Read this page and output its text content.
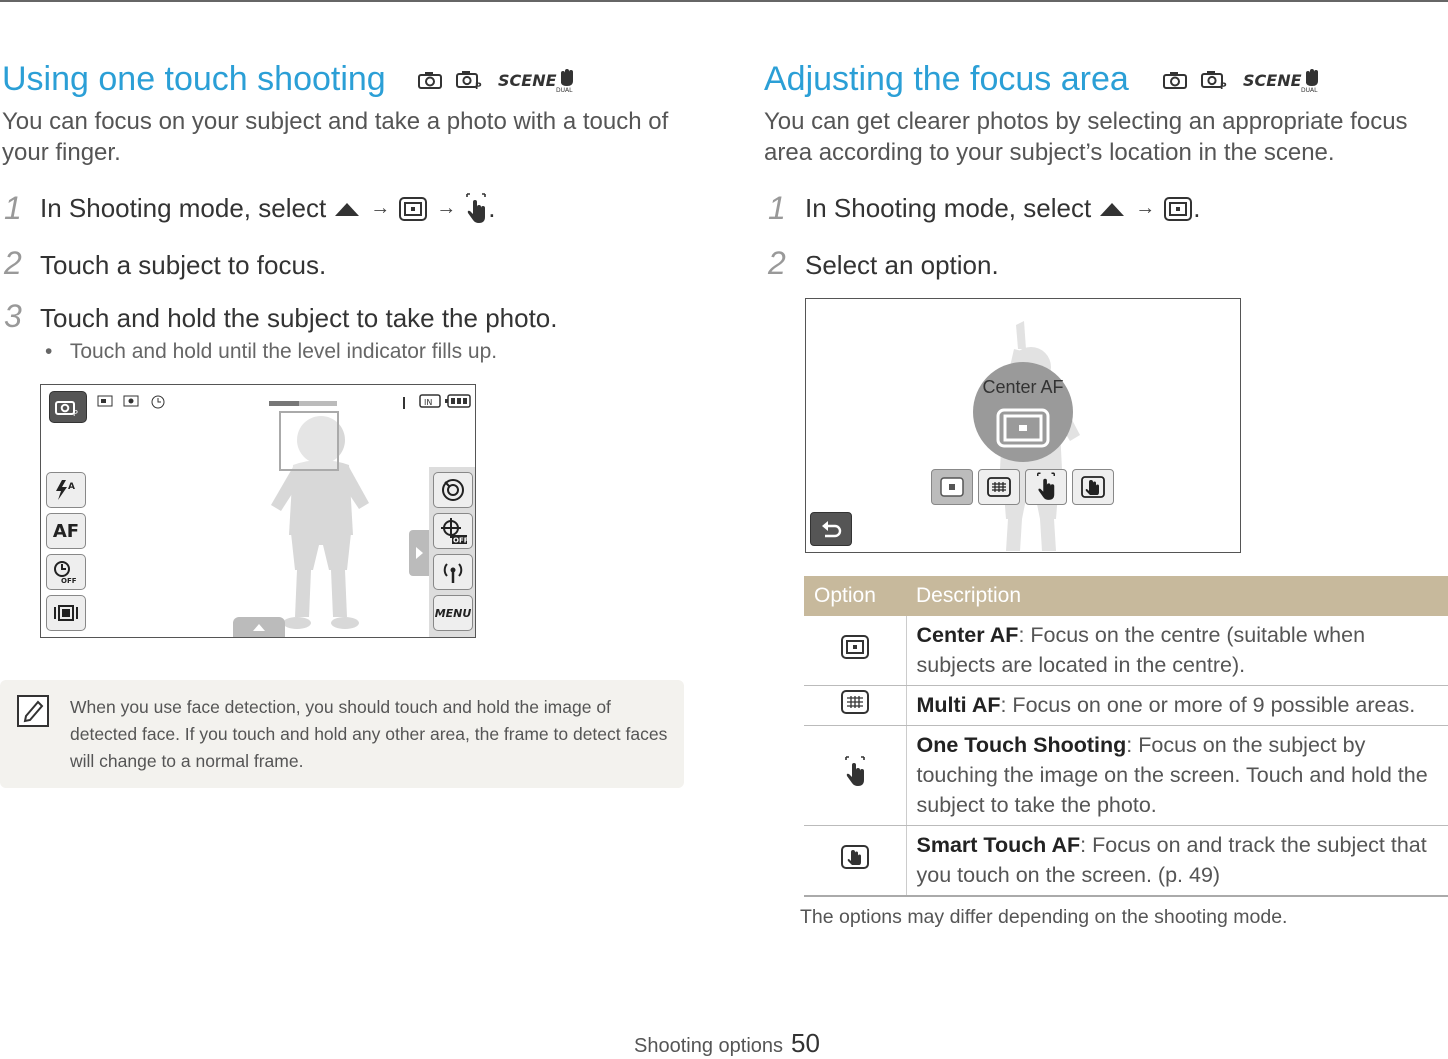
Using one touch shooting	P SCENE
DUAL
You can focus on your subject and take a photo with a touch of your finger.
1 In Shooting mode, select → → .
2 Touch a subject to focus.
3 Touch and hold the subject to take the photo.
•   Touch and hold until the level indicator fills up.
P
IN
A
AF
OFF
OFF
MENU
When you use face detection, you should touch and hold the image of detected face. If you touch and hold any other area, the frame to detect faces will change to a normal frame.
Adjusting the focus area	P SCENE
DUAL
You can get clearer photos by selecting an appropriate focus area according to your subject’s location in the scene.
1 In Shooting mode, select → .
2 Select an option.
Center AF
Option	Description
	Center AF: Focus on the centre (suitable when subjects are located in the centre).
	Multi AF: Focus on one or more of 9 possible areas.
	One Touch Shooting: Focus on the subject by touching the image on the screen. Touch and hold the subject to take the photo.
	Smart Touch AF: Focus on and track the subject that you touch on the screen. (p. 49)
The options may differ depending on the shooting mode.
Shooting options 50
